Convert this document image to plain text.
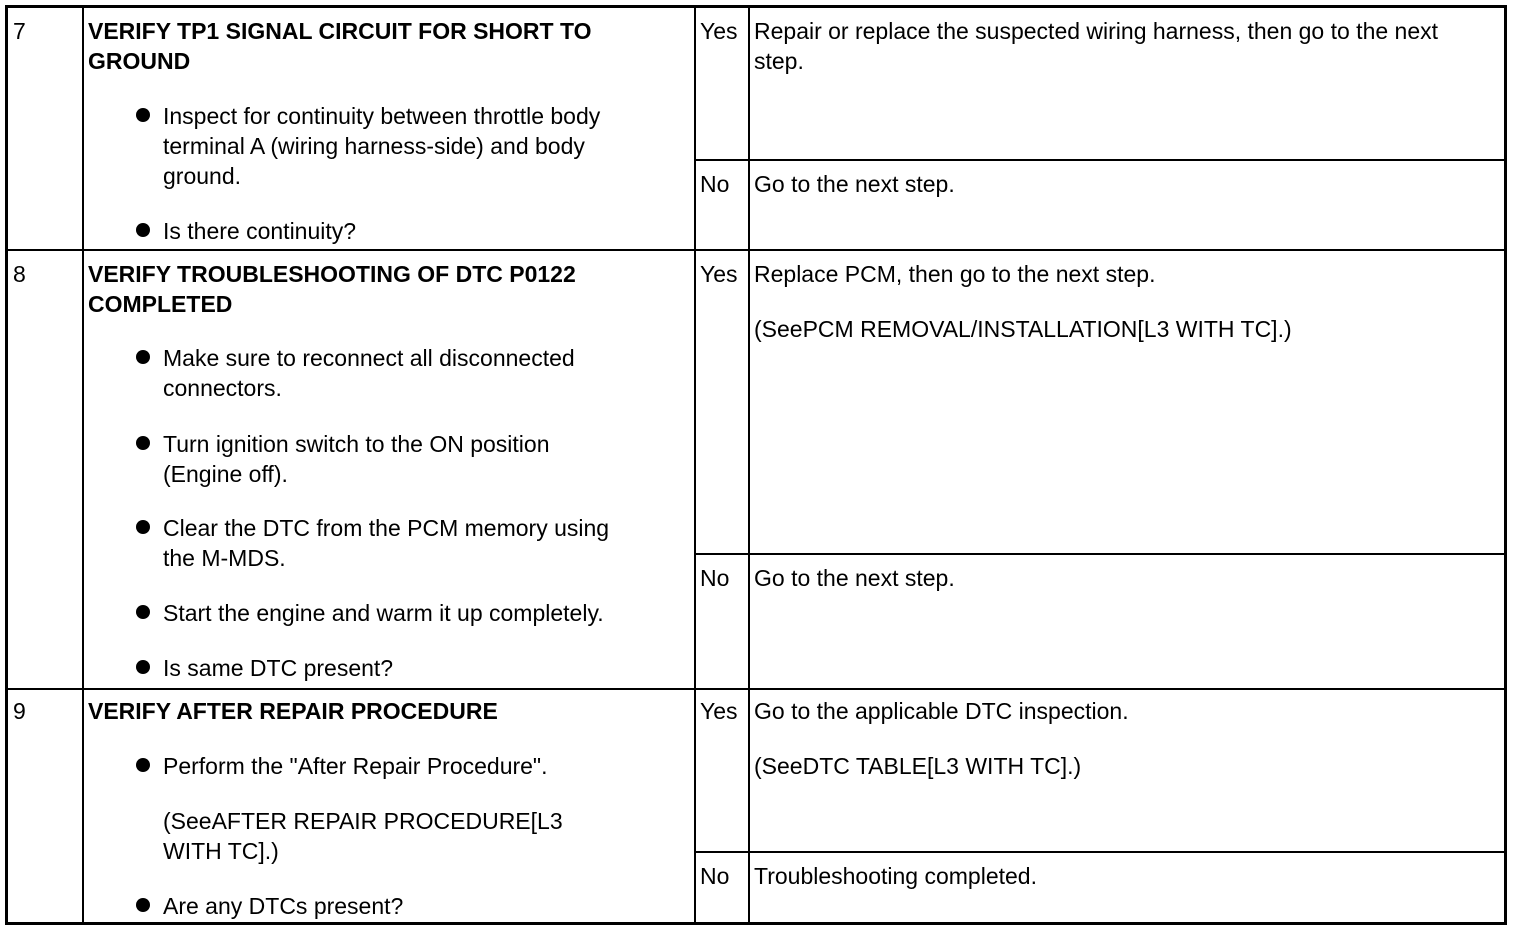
7	VERIFY TP1 SIGNAL CIRCUIT FOR SHORT TO
GROUND
Inspect for continuity between throttle body
terminal A (wiring harness-side) and body
ground.
Is there continuity?
Yes Repair or replace the suspected wiring harness, then go to the next
step.
No Go to the next step.
8	VERIFY TROUBLESHOOTING OF DTC P0122
COMPLETED
Make sure to reconnect all disconnected
connectors.
Turn ignition switch to the ON position
(Engine off).
Clear the DTC from the PCM memory using
the M-MDS.
Start the engine and warm it up completely.
Is same DTC present?
Yes Replace PCM, then go to the next step.
(SeePCM REMOVAL/INSTALLATION[L3 WITH TC].)
No Go to the next step.
9	VERIFY AFTER REPAIR PROCEDURE
Perform the "After Repair Procedure".
(SeeAFTER REPAIR PROCEDURE[L3
WITH TC].)
Are any DTCs present?
Yes Go to the applicable DTC inspection.
(SeeDTC TABLE[L3 WITH TC].)
No Troubleshooting completed.
